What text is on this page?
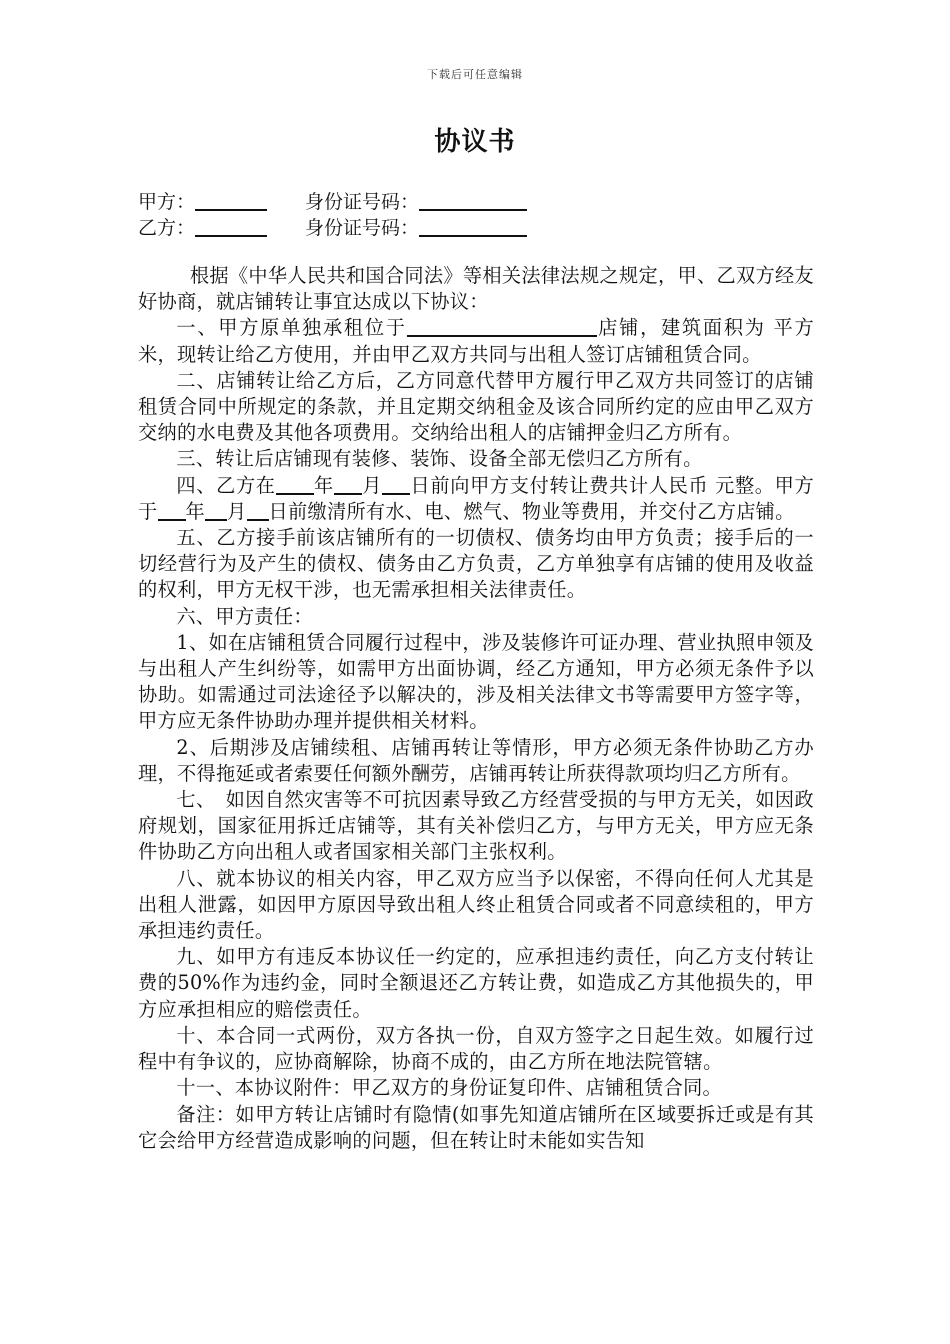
下载后可任意编辑
协议书
甲方：	身份证号码：
乙方：	身份证号码：

根据《中华人民共和国合同法》等相关法律法规之规定，甲、乙双方经友好协商，就店铺转让事宜达成以下协议：

一、甲方原单独承租位于	店铺，建筑面积为 平方米，现转让给乙方使用，并由甲乙双方共同与出租人签订店铺租赁合同。

二、店铺转让给乙方后，乙方同意代替甲方履行甲乙双方共同签订的店铺租赁合同中所规定的条款，并且定期交纳租金及该合同所约定的应由甲乙双方交纳的水电费及其他各项费用。交纳给出租人的店铺押金归乙方所有。

三、转让后店铺现有装修、装饰、设备全部无偿归乙方所有。

四、乙方在 年 月 日前向甲方支付转让费共计人民币 元整。甲方于 年 月 日前缴清所有水、电、燃气、物业等费用，并交付乙方店铺。

五、乙方接手前该店铺所有的一切债权、债务均由甲方负责；接手后的一切经营行为及产生的债权、债务由乙方负责，乙方单独享有店铺的使用及收益的权利，甲方无权干涉，也无需承担相关法律责任。

六、甲方责任：

1、如在店铺租赁合同履行过程中，涉及装修许可证办理、营业执照申领及与出租人产生纠纷等，如需甲方出面协调，经乙方通知，甲方必须无条件予以协助。如需通过司法途径予以解决的，涉及相关法律文书等需要甲方签字等，甲方应无条件协助办理并提供相关材料。

2、后期涉及店铺续租、店铺再转让等情形，甲方必须无条件协助乙方办理，不得拖延或者索要任何额外酬劳，店铺再转让所获得款项均归乙方所有。

七、　如因自然灾害等不可抗因素导致乙方经营受损的与甲方无关，如因政府规划，国家征用拆迁店铺等，其有关补偿归乙方，与甲方无关，甲方应无条件协助乙方向出租人或者国家相关部门主张权利。

八、就本协议的相关内容，甲乙双方应当予以保密，不得向任何人尤其是出租人泄露，如因甲方原因导致出租人终止租赁合同或者不同意续租的，甲方承担违约责任。

九、如甲方有违反本协议任一约定的，应承担违约责任，向乙方支付转让费的50%作为违约金，同时全额退还乙方转让费，如造成乙方其他损失的，甲方应承担相应的赔偿责任。

十、本合同一式两份，双方各执一份，自双方签字之日起生效。如履行过程中有争议的，应协商解除，协商不成的，由乙方所在地法院管辖。

十一、本协议附件：甲乙双方的身份证复印件、店铺租赁合同。

备注：如甲方转让店铺时有隐情(如事先知道店铺所在区域要拆迁或是有其它会给甲方经营造成影响的问题，但在转让时未能如实告知
